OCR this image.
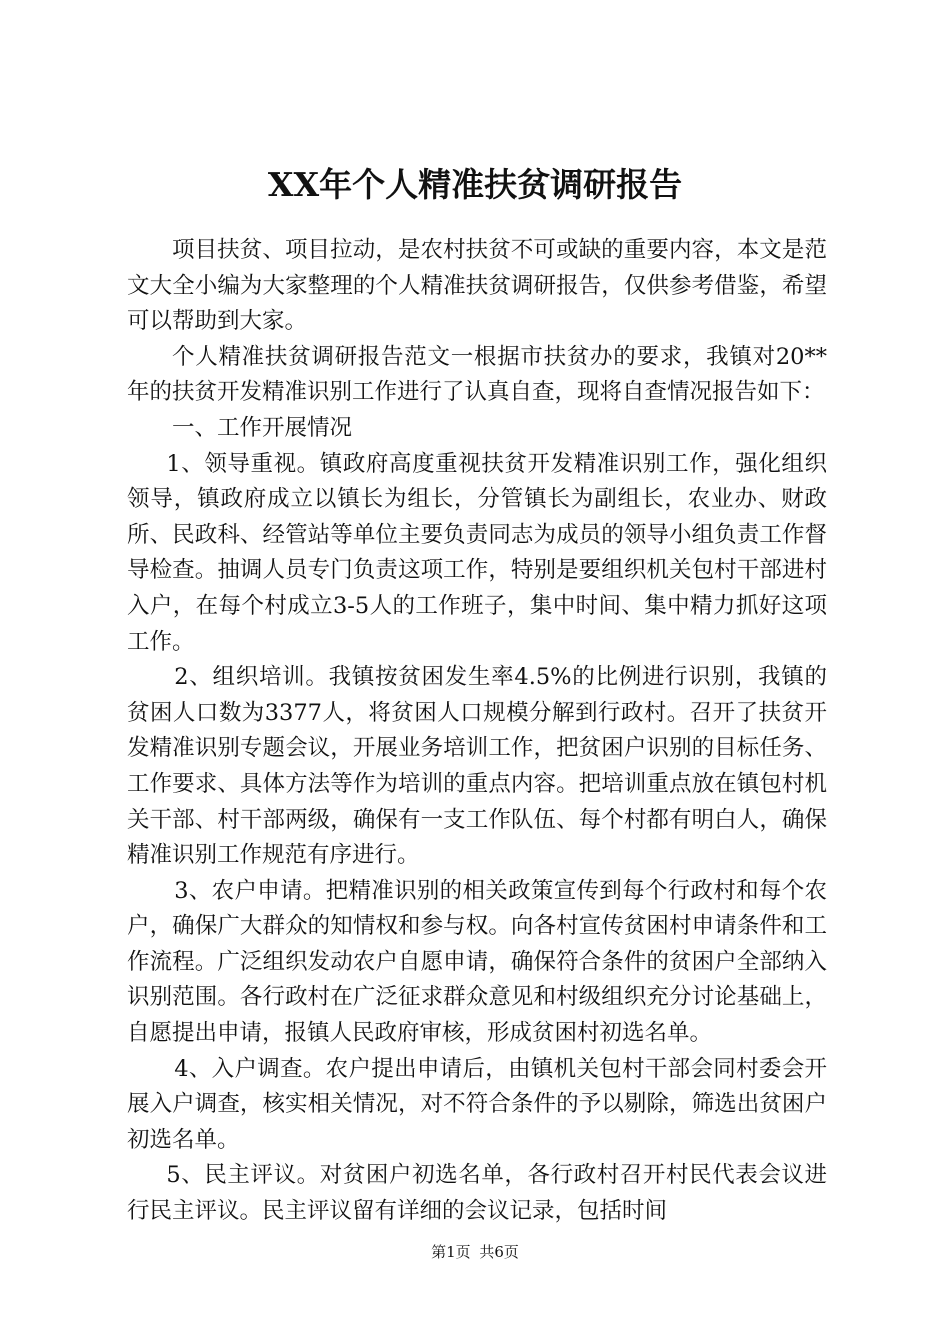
XX年个人精准扶贫调研报告

项目扶贫、项目拉动，是农村扶贫不可或缺的重要内容，本文是范文大全小编为大家整理的个人精准扶贫调研报告，仅供参考借鉴，希望可以帮助到大家。

个人精准扶贫调研报告范文一根据市扶贫办的要求，我镇对20**年的扶贫开发精准识别工作进行了认真自查，现将自查情况报告如下：

一、工作开展情况

1、领导重视。镇政府高度重视扶贫开发精准识别工作，强化组织领导，镇政府成立以镇长为组长，分管镇长为副组长，农业办、财政所、民政科、经管站等单位主要负责同志为成员的领导小组负责工作督导检查。抽调人员专门负责这项工作，特别是要组织机关包村干部进村入户，在每个村成立3-5人的工作班子，集中时间、集中精力抓好这项工作。

2、组织培训。我镇按贫困发生率4.5%的比例进行识别，我镇的贫困人口数为3377人，将贫困人口规模分解到行政村。召开了扶贫开发精准识别专题会议，开展业务培训工作，把贫困户识别的目标任务、工作要求、具体方法等作为培训的重点内容。把培训重点放在镇包村机关干部、村干部两级，确保有一支工作队伍、每个村都有明白人，确保精准识别工作规范有序进行。

3、农户申请。把精准识别的相关政策宣传到每个行政村和每个农户，确保广大群众的知情权和参与权。向各村宣传贫困村申请条件和工作流程。广泛组织发动农户自愿申请，确保符合条件的贫困户全部纳入识别范围。各行政村在广泛征求群众意见和村级组织充分讨论基础上，自愿提出申请，报镇人民政府审核，形成贫困村初选名单。

4、入户调查。农户提出申请后，由镇机关包村干部会同村委会开展入户调查，核实相关情况，对不符合条件的予以剔除，筛选出贫困户初选名单。

5、民主评议。对贫困户初选名单，各行政村召开村民代表会议进行民主评议。民主评议留有详细的会议记录，包括时间

第1页 共6页
